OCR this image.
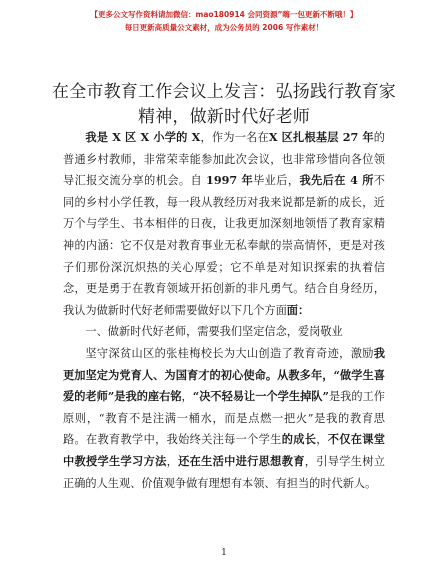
【更多公文写作资料请加微信：mao180914 会同资源”嗨一包更新不断哦！】
每日更新高质量公文素材，成为公务员的 2006 写作素材！
在全市教育工作会议上发言：弘扬践行教育家
精神，做新时代好老师

我是 X 区 X 小学的 X，作为一名在X 区扎根基层 27 年的普通乡村教师，非常荣幸能参加此次会议，也非常珍惜向各位领导汇报交流分享的机会。自 1997 年毕业后，我先后在 4 所不同的乡村小学任教，每一段从教经历对我来说都是新的成长，近万个与学生、书本相伴的日夜，让我更加深刻地领悟了教育家精神的内涵：它不仅是对教育事业无私奉献的崇高情怀，更是对孩子们那份深沉炽热的关心厚爱；它不单是对知识探索的执着信念，更是勇于在教育领域开拓创新的非凡勇气。结合自身经历，我认为做新时代好老师需要做好以下几个方面面：

一、做新时代好老师，需要我们坚定信念，爱岗敬业

坚守深贫山区的张桂梅校长为大山创造了教育奇迹，激励我更加坚定为党育人、为国育才的初心使命。从教多年，“做学生喜爱的老师”是我的座右铭，“决不轻易让一个学生掉队”是我的工作原则，“教育不是注满一桶水，而是点燃一把火”是我的教育思路。在教育教学中，我始终关注每一个学生的成长，不仅在课堂中教授学生学习方法，还在生活中进行思想教育，引导学生树立正确的人生观、价值观争做有理想有本领、有担当的时代新人。

1
